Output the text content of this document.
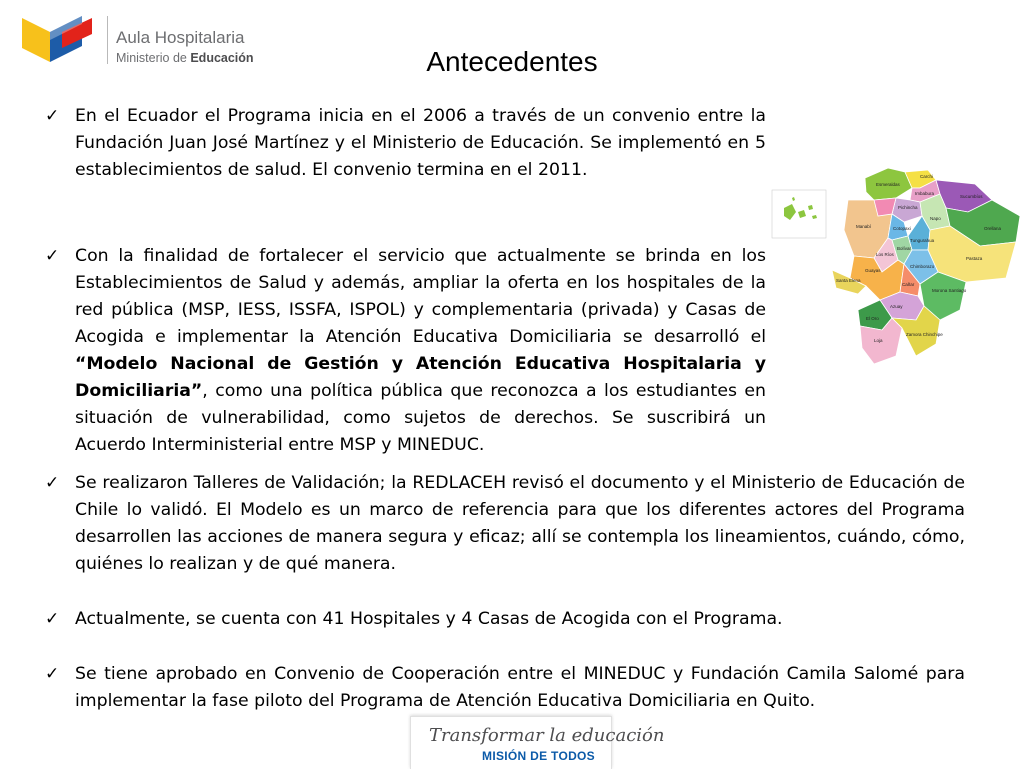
Aula Hospitalaria
Ministerio de Educación	Antecedentes
✓ En el Ecuador el Programa inicia en el 2006 a través de un convenio entre la Fundación Juan José Martínez y el Ministerio de Educación. Se implementó en 5 establecimientos de salud. El convenio termina en el 2011.
✓ Con la finalidad de fortalecer el servicio que actualmente se brinda en los Establecimientos de Salud y además, ampliar la oferta en los hospitales de la red pública (MSP, IESS, ISSFA, ISPOL) y complementaria (privada) y Casas de Acogida e implementar la Atención Educativa Domiciliaria se desarrolló el “Modelo Nacional de Gestión y Atención Educativa Hospitalaria y Domiciliaria”, como una política pública que reconozca a los estudiantes en situación de vulnerabilidad, como sujetos de derechos. Se suscribirá un Acuerdo Interministerial entre MSP y MINEDUC.
✓ Se realizaron Talleres de Validación; la REDLACEH revisó el documento y el Ministerio de Educación de Chile lo validó. El Modelo es un marco de referencia para que los diferentes actores del Programa desarrollen las acciones de manera segura y eficaz; allí se contempla los lineamientos, cuándo, cómo, quiénes lo realizan y de qué manera.
✓ Actualmente, se cuenta con 41 Hospitales y 4 Casas de Acogida con el Programa.
✓ Se tiene aprobado en Convenio de Cooperación entre el MINEDUC y Fundación Camila Salomé para implementar la fase piloto del Programa de Atención Educativa Domiciliaria en Quito.
Esmeraldas
Carchi
Imbabura
Sucumbíos
Pichincha
Napo
Orellana
Manabí	Cotopaxi
Tungurahua
Pastaza
Los Ríos
Bolívar
Chimborazo
Guayas
Cañar
Morona Santiago
Azuay
El Oro
Loja
Zamora Chinchipe
Santa Elena
Transformar la educación
MISIÓN DE TODOS
